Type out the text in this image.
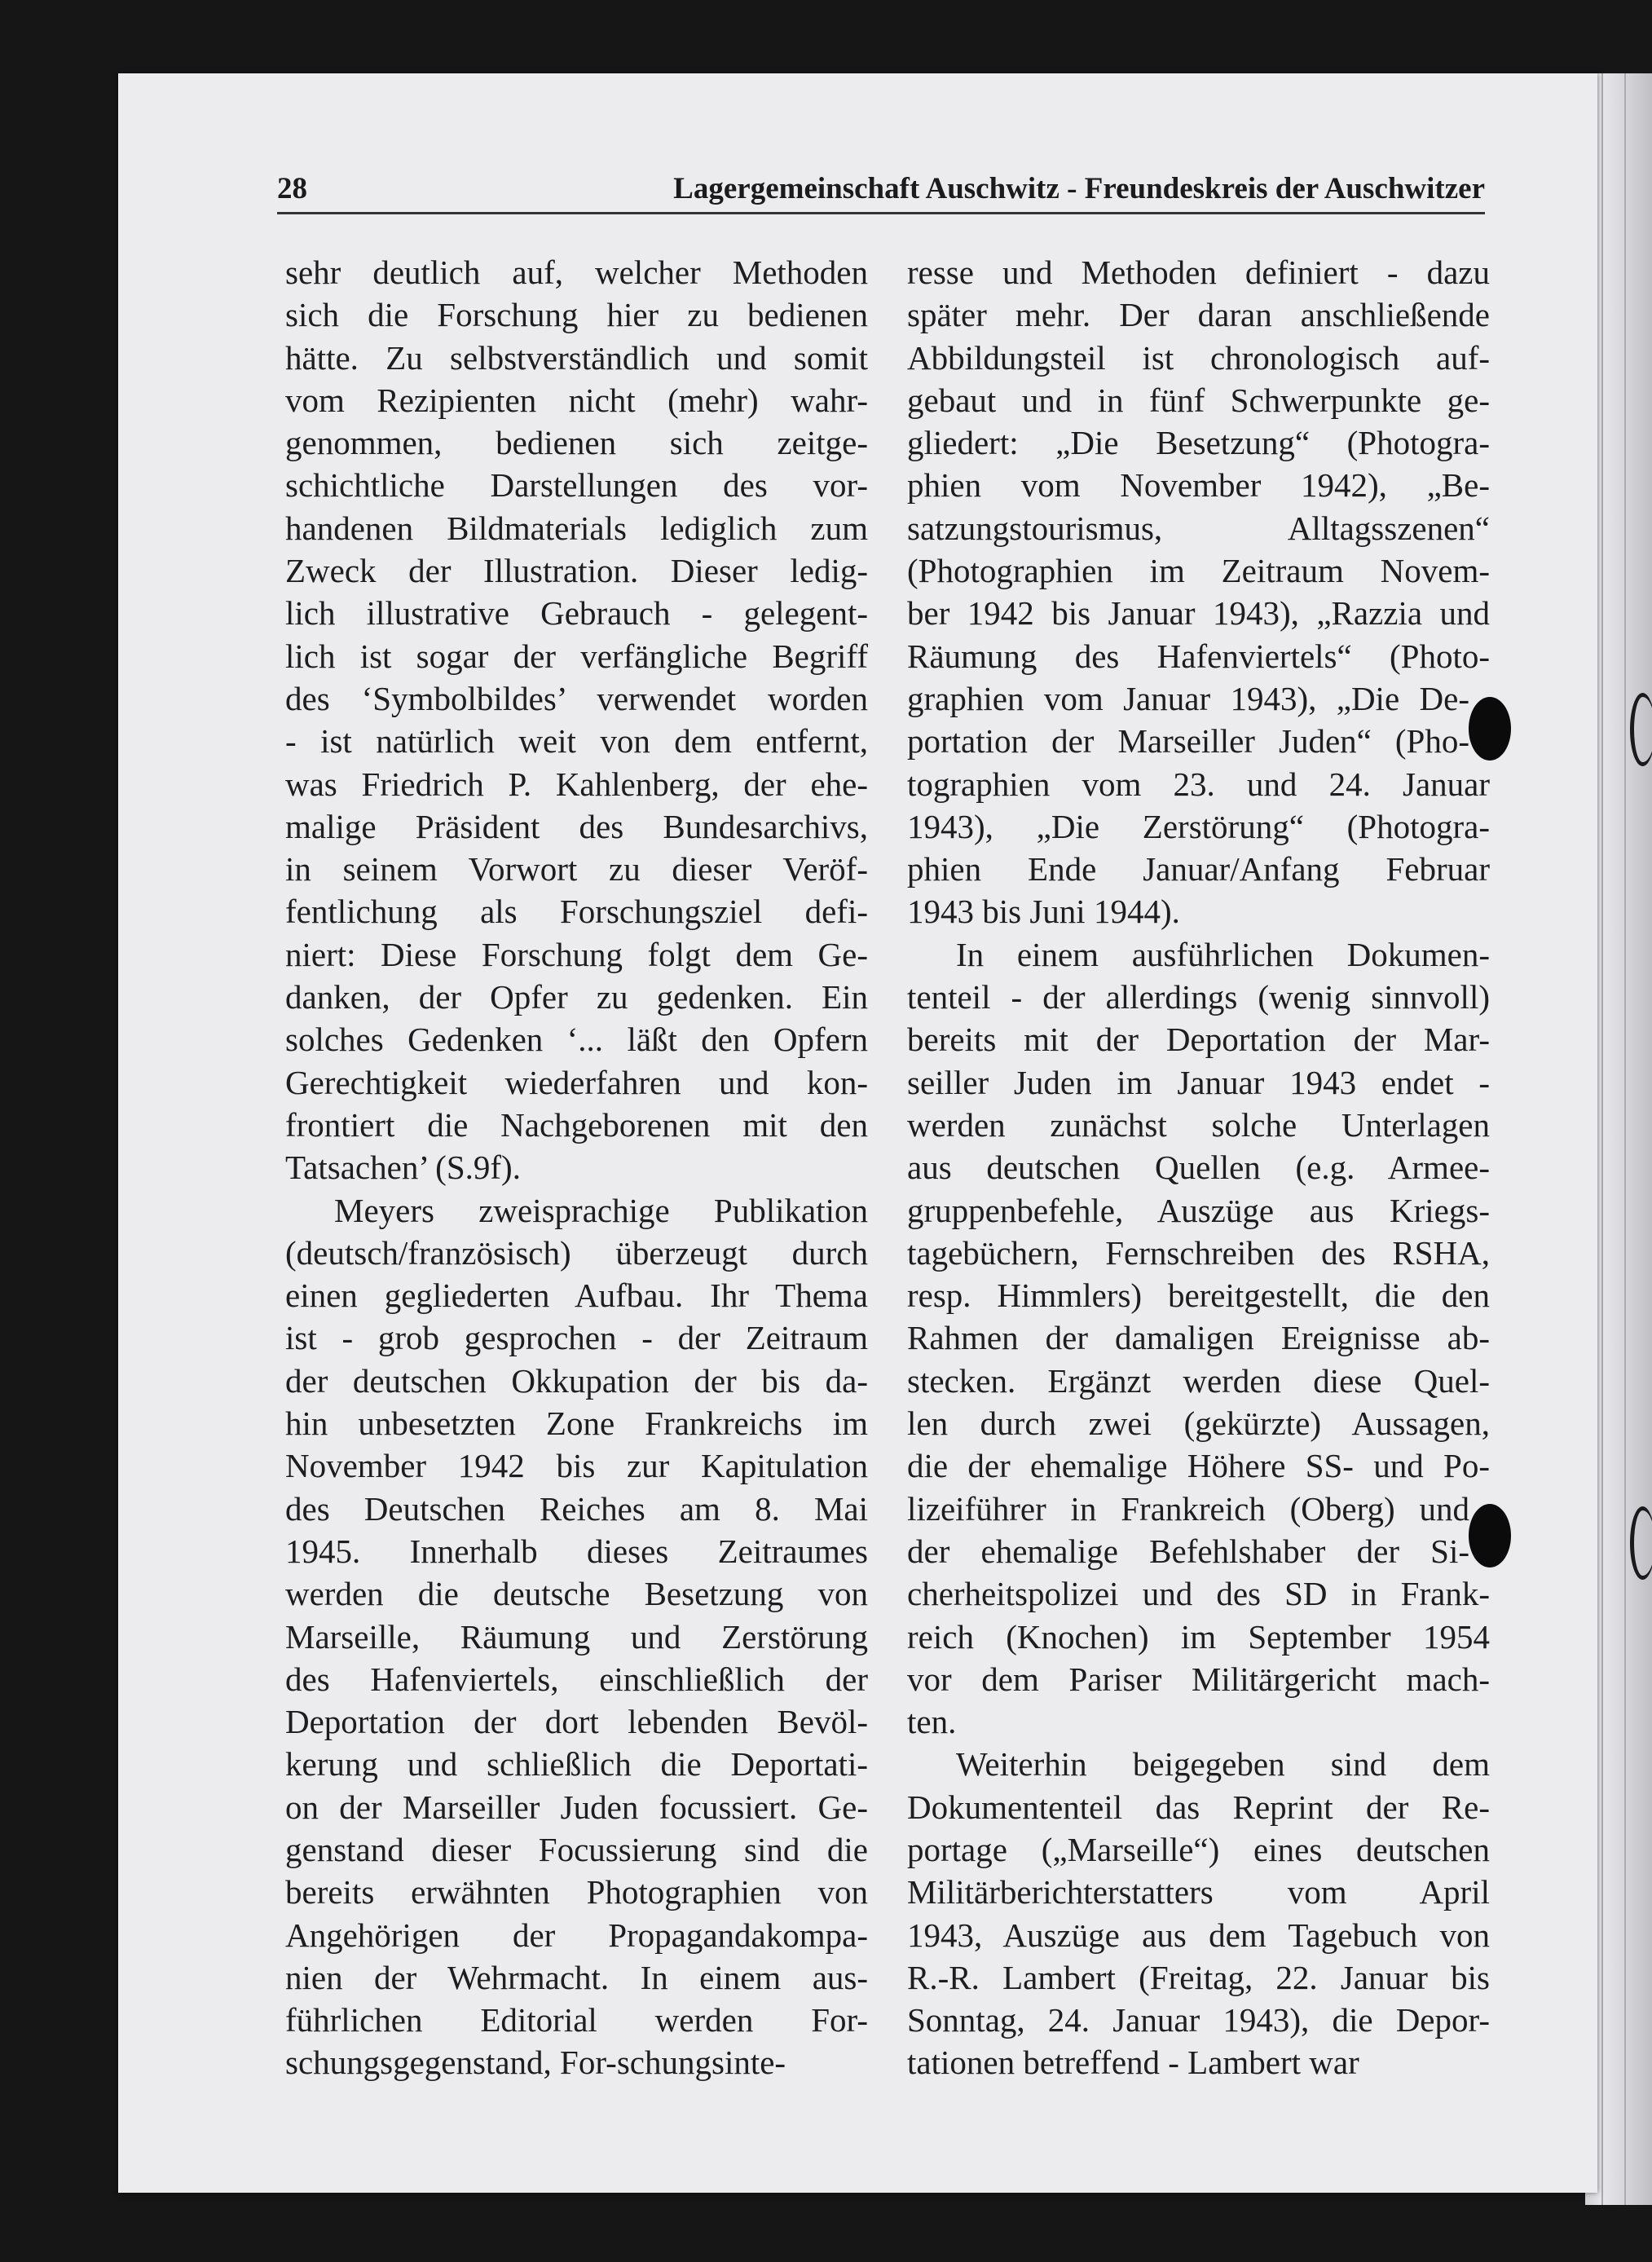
28	Lagergemeinschaft Auschwitz - Freundeskreis der Auschwitzer
sehr deutlich auf, welcher Methoden
sich die Forschung hier zu bedienen
hätte. Zu selbstverständlich und somit
vom Rezipienten nicht (mehr) wahr-
genommen, bedienen sich zeitge-
schichtliche Darstellungen des vor-
handenen Bildmaterials lediglich zum
Zweck der Illustration. Dieser ledig-
lich illustrative Gebrauch - gelegent-
lich ist sogar der verfängliche Begriff
des ‘Symbolbildes’ verwendet worden
- ist natürlich weit von dem entfernt,
was Friedrich P. Kahlenberg, der ehe-
malige Präsident des Bundesarchivs,
in seinem Vorwort zu dieser Veröf-
fentlichung als Forschungsziel defi-
niert: Diese Forschung folgt dem Ge-
danken, der Opfer zu gedenken. Ein
solches Gedenken ‘... läßt den Opfern
Gerechtigkeit wiederfahren und kon-
frontiert die Nachgeborenen mit den
Tatsachen’ (S.9f).
Meyers zweisprachige Publikation
(deutsch/französisch) überzeugt durch
einen gegliederten Aufbau. Ihr Thema
ist - grob gesprochen - der Zeitraum
der deutschen Okkupation der bis da-
hin unbesetzten Zone Frankreichs im
November 1942 bis zur Kapitulation
des Deutschen Reiches am 8. Mai
1945. Innerhalb dieses Zeitraumes
werden die deutsche Besetzung von
Marseille, Räumung und Zerstörung
des Hafenviertels, einschließlich der
Deportation der dort lebenden Bevöl-
kerung und schließlich die Deportati-
on der Marseiller Juden focussiert. Ge-
genstand dieser Focussierung sind die
bereits erwähnten Photographien von
Angehörigen der Propagandakompa-
nien der Wehrmacht. In einem aus-
führlichen Editorial werden For-
schungsgegenstand, For-schungsinte-
resse und Methoden definiert - dazu
später mehr. Der daran anschließende
Abbildungsteil ist chronologisch auf-
gebaut und in fünf Schwerpunkte ge-
gliedert: „Die Besetzung“ (Photogra-
phien vom November 1942), „Be-
satzungstourismus, Alltagsszenen“
(Photographien im Zeitraum Novem-
ber 1942 bis Januar 1943), „Razzia und
Räumung des Hafenviertels“ (Photo-
graphien vom Januar 1943), „Die De-
portation der Marseiller Juden“ (Pho-
tographien vom 23. und 24. Januar
1943), „Die Zerstörung“ (Photogra-
phien Ende Januar/Anfang Februar
1943 bis Juni 1944).
In einem ausführlichen Dokumen-
tenteil - der allerdings (wenig sinnvoll)
bereits mit der Deportation der Mar-
seiller Juden im Januar 1943 endet -
werden zunächst solche Unterlagen
aus deutschen Quellen (e.g. Armee-
gruppenbefehle, Auszüge aus Kriegs-
tagebüchern, Fernschreiben des RSHA,
resp. Himmlers) bereitgestellt, die den
Rahmen der damaligen Ereignisse ab-
stecken. Ergänzt werden diese Quel-
len durch zwei (gekürzte) Aussagen,
die der ehemalige Höhere SS- und Po-
lizeiführer in Frankreich (Oberg) und
der ehemalige Befehlshaber der Si-
cherheitspolizei und des SD in Frank-
reich (Knochen) im September 1954
vor dem Pariser Militärgericht mach-
ten.
Weiterhin beigegeben sind dem
Dokumententeil das Reprint der Re-
portage („Marseille“) eines deutschen
Militärberichterstatters vom April
1943, Auszüge aus dem Tagebuch von
R.-R. Lambert (Freitag, 22. Januar bis
Sonntag, 24. Januar 1943), die Depor-
tationen betreffend - Lambert war
